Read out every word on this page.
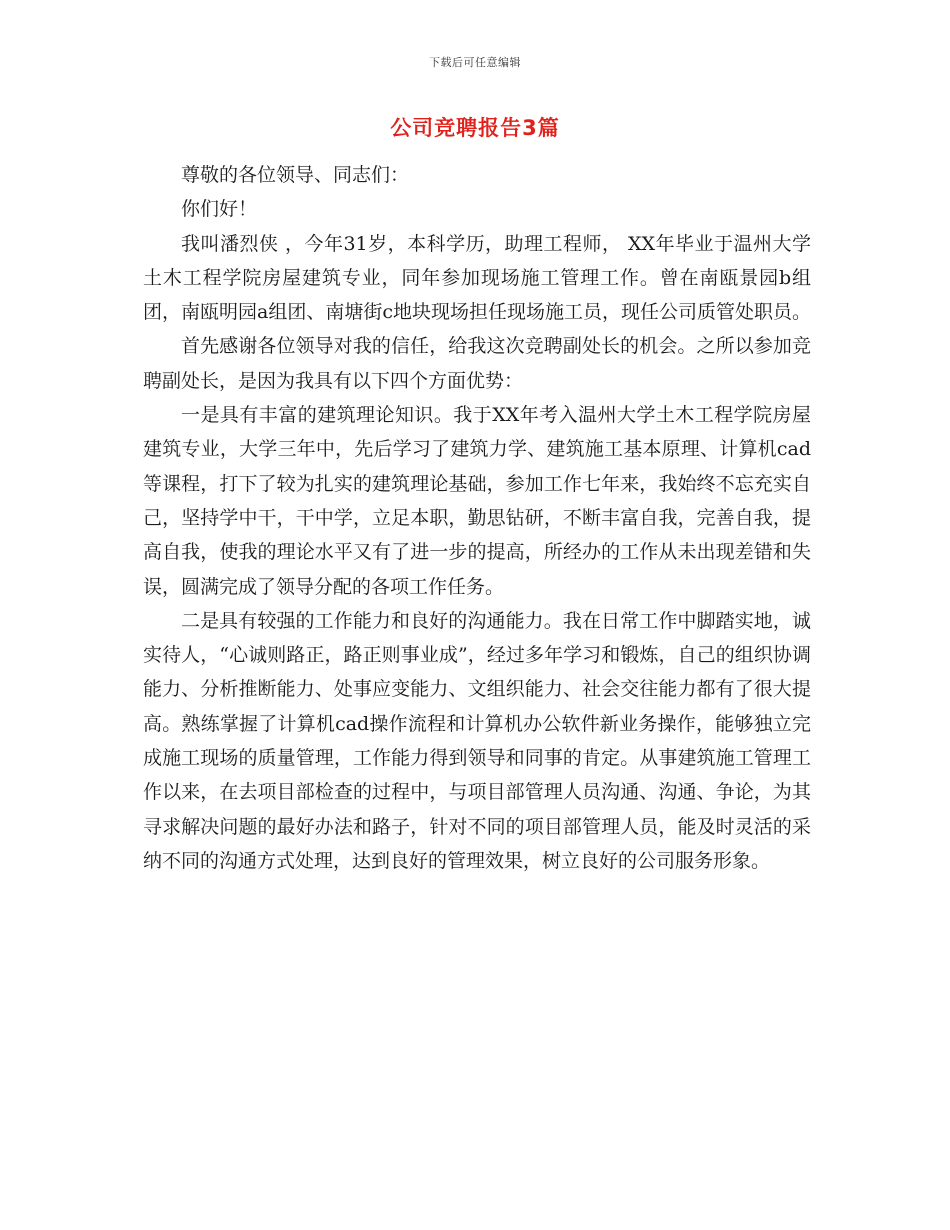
下载后可任意编辑
公司竞聘报告3篇

尊敬的各位领导、同志们：

你们好！

我叫潘烈侠 ，今年31岁，本科学历，助理工程师， XX年毕业于温州大学土木工程学院房屋建筑专业，同年参加现场施工管理工作。曾在南瓯景园b组团，南瓯明园a组团、南塘街c地块现场担任现场施工员，现任公司质管处职员。

首先感谢各位领导对我的信任，给我这次竞聘副处长的机会。之所以参加竞聘副处长，是因为我具有以下四个方面优势：

一是具有丰富的建筑理论知识。我于XX年考入温州大学土木工程学院房屋建筑专业，大学三年中，先后学习了建筑力学、建筑施工基本原理、计算机cad等课程，打下了较为扎实的建筑理论基础，参加工作七年来，我始终不忘充实自己，坚持学中干，干中学，立足本职，勤思钻研，不断丰富自我，完善自我，提高自我，使我的理论水平又有了进一步的提高，所经办的工作从未出现差错和失误，圆满完成了领导分配的各项工作任务。

二是具有较强的工作能力和良好的沟通能力。我在日常工作中脚踏实地，诚实待人，“心诚则路正，路正则事业成”，经过多年学习和锻炼，自己的组织协调能力、分析推断能力、处事应变能力、文组织能力、社会交往能力都有了很大提高。熟练掌握了计算机cad操作流程和计算机办公软件新业务操作，能够独立完成施工现场的质量管理，工作能力得到领导和同事的肯定。从事建筑施工管理工作以来，在去项目部检查的过程中，与项目部管理人员沟通、沟通、争论，为其寻求解决问题的最好办法和路子，针对不同的项目部管理人员，能及时灵活的采纳不同的沟通方式处理，达到良好的管理效果，树立良好的公司服务形象。
